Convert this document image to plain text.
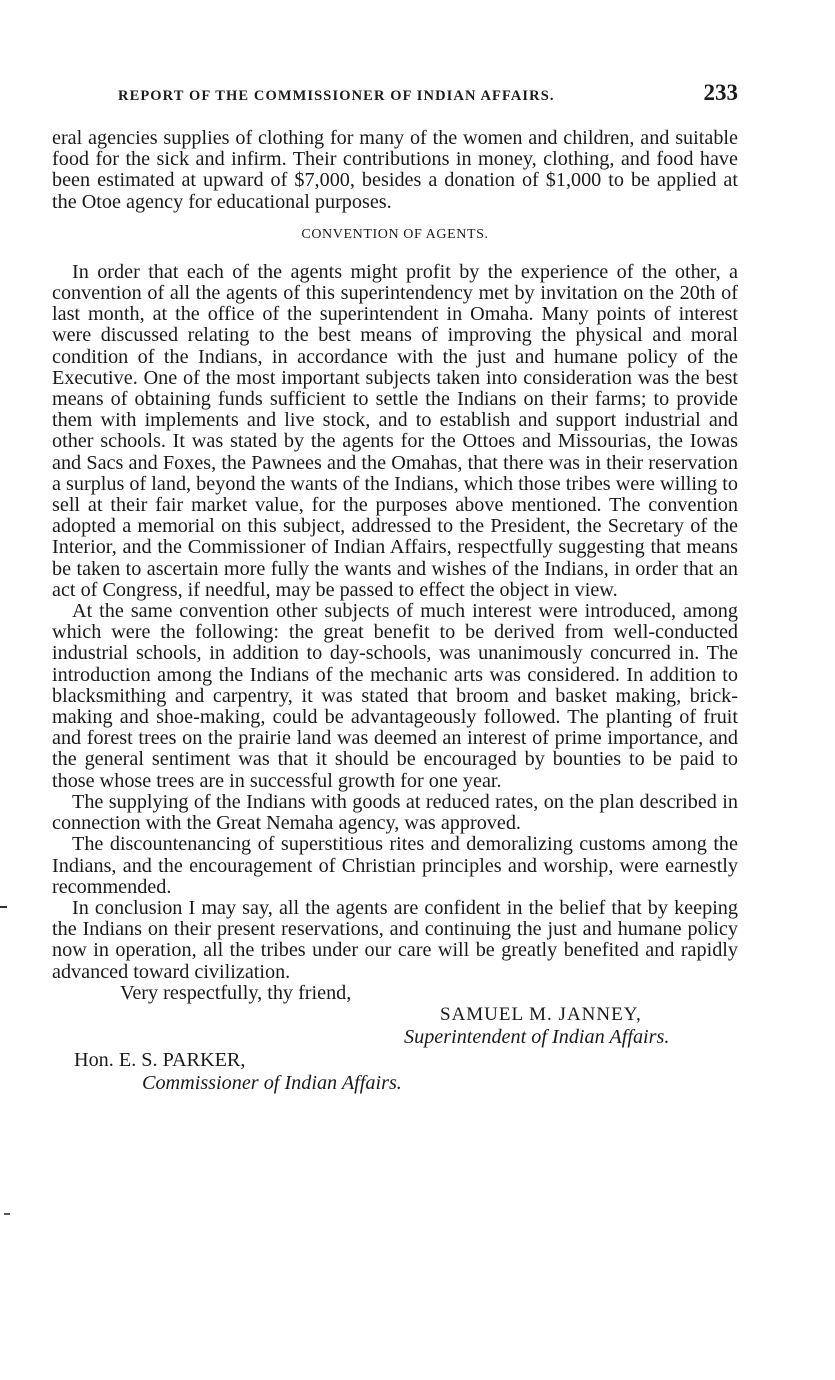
REPORT OF THE COMMISSIONER OF INDIAN AFFAIRS.	233

eral agencies supplies of clothing for many of the women and children, and suitable food for the sick and infirm. Their contributions in money, clothing, and food have been estimated at upward of $7,000, besides a donation of $1,000 to be applied at the Otoe agency for educational purposes.

CONVENTION OF AGENTS.

In order that each of the agents might profit by the experience of the other, a convention of all the agents of this superintendency met by invitation on the 20th of last month, at the office of the superintendent in Omaha. Many points of interest were discussed relating to the best means of improving the physical and moral condition of the Indians, in accordance with the just and humane policy of the Executive. One of the most important subjects taken into consideration was the best means of obtaining funds sufficient to settle the Indians on their farms; to provide them with implements and live stock, and to establish and support industrial and other schools. It was stated by the agents for the Ottoes and Missourias, the Iowas and Sacs and Foxes, the Pawnees and the Omahas, that there was in their reservation a surplus of land, beyond the wants of the Indians, which those tribes were willing to sell at their fair market value, for the purposes above mentioned. The convention adopted a memorial on this subject, addressed to the President, the Secretary of the Interior, and the Commissioner of Indian Affairs, respectfully suggesting that means be taken to ascertain more fully the wants and wishes of the Indians, in order that an act of Congress, if needful, may be passed to effect the object in view.

At the same convention other subjects of much interest were introduced, among which were the following: the great benefit to be derived from well-conducted industrial schools, in addition to day-schools, was unanimously concurred in. The introduction among the Indians of the mechanic arts was considered. In addition to blacksmithing and carpentry, it was stated that broom and basket making, brick-making and shoe-making, could be advantageously followed. The planting of fruit and forest trees on the prairie land was deemed an interest of prime importance, and the general sentiment was that it should be encouraged by bounties to be paid to those whose trees are in successful growth for one year.

The supplying of the Indians with goods at reduced rates, on the plan described in connection with the Great Nemaha agency, was approved.

The discountenancing of superstitious rites and demoralizing customs among the Indians, and the encouragement of Christian principles and worship, were earnestly recommended.

In conclusion I may say, all the agents are confident in the belief that by keeping the Indians on their present reservations, and continuing the just and humane policy now in operation, all the tribes under our care will be greatly benefited and rapidly advanced toward civilization.

Very respectfully, thy friend,

SAMUEL M. JANNEY,

Superintendent of Indian Affairs.

Hon. E. S. PARKER,

Commissioner of Indian Affairs.
